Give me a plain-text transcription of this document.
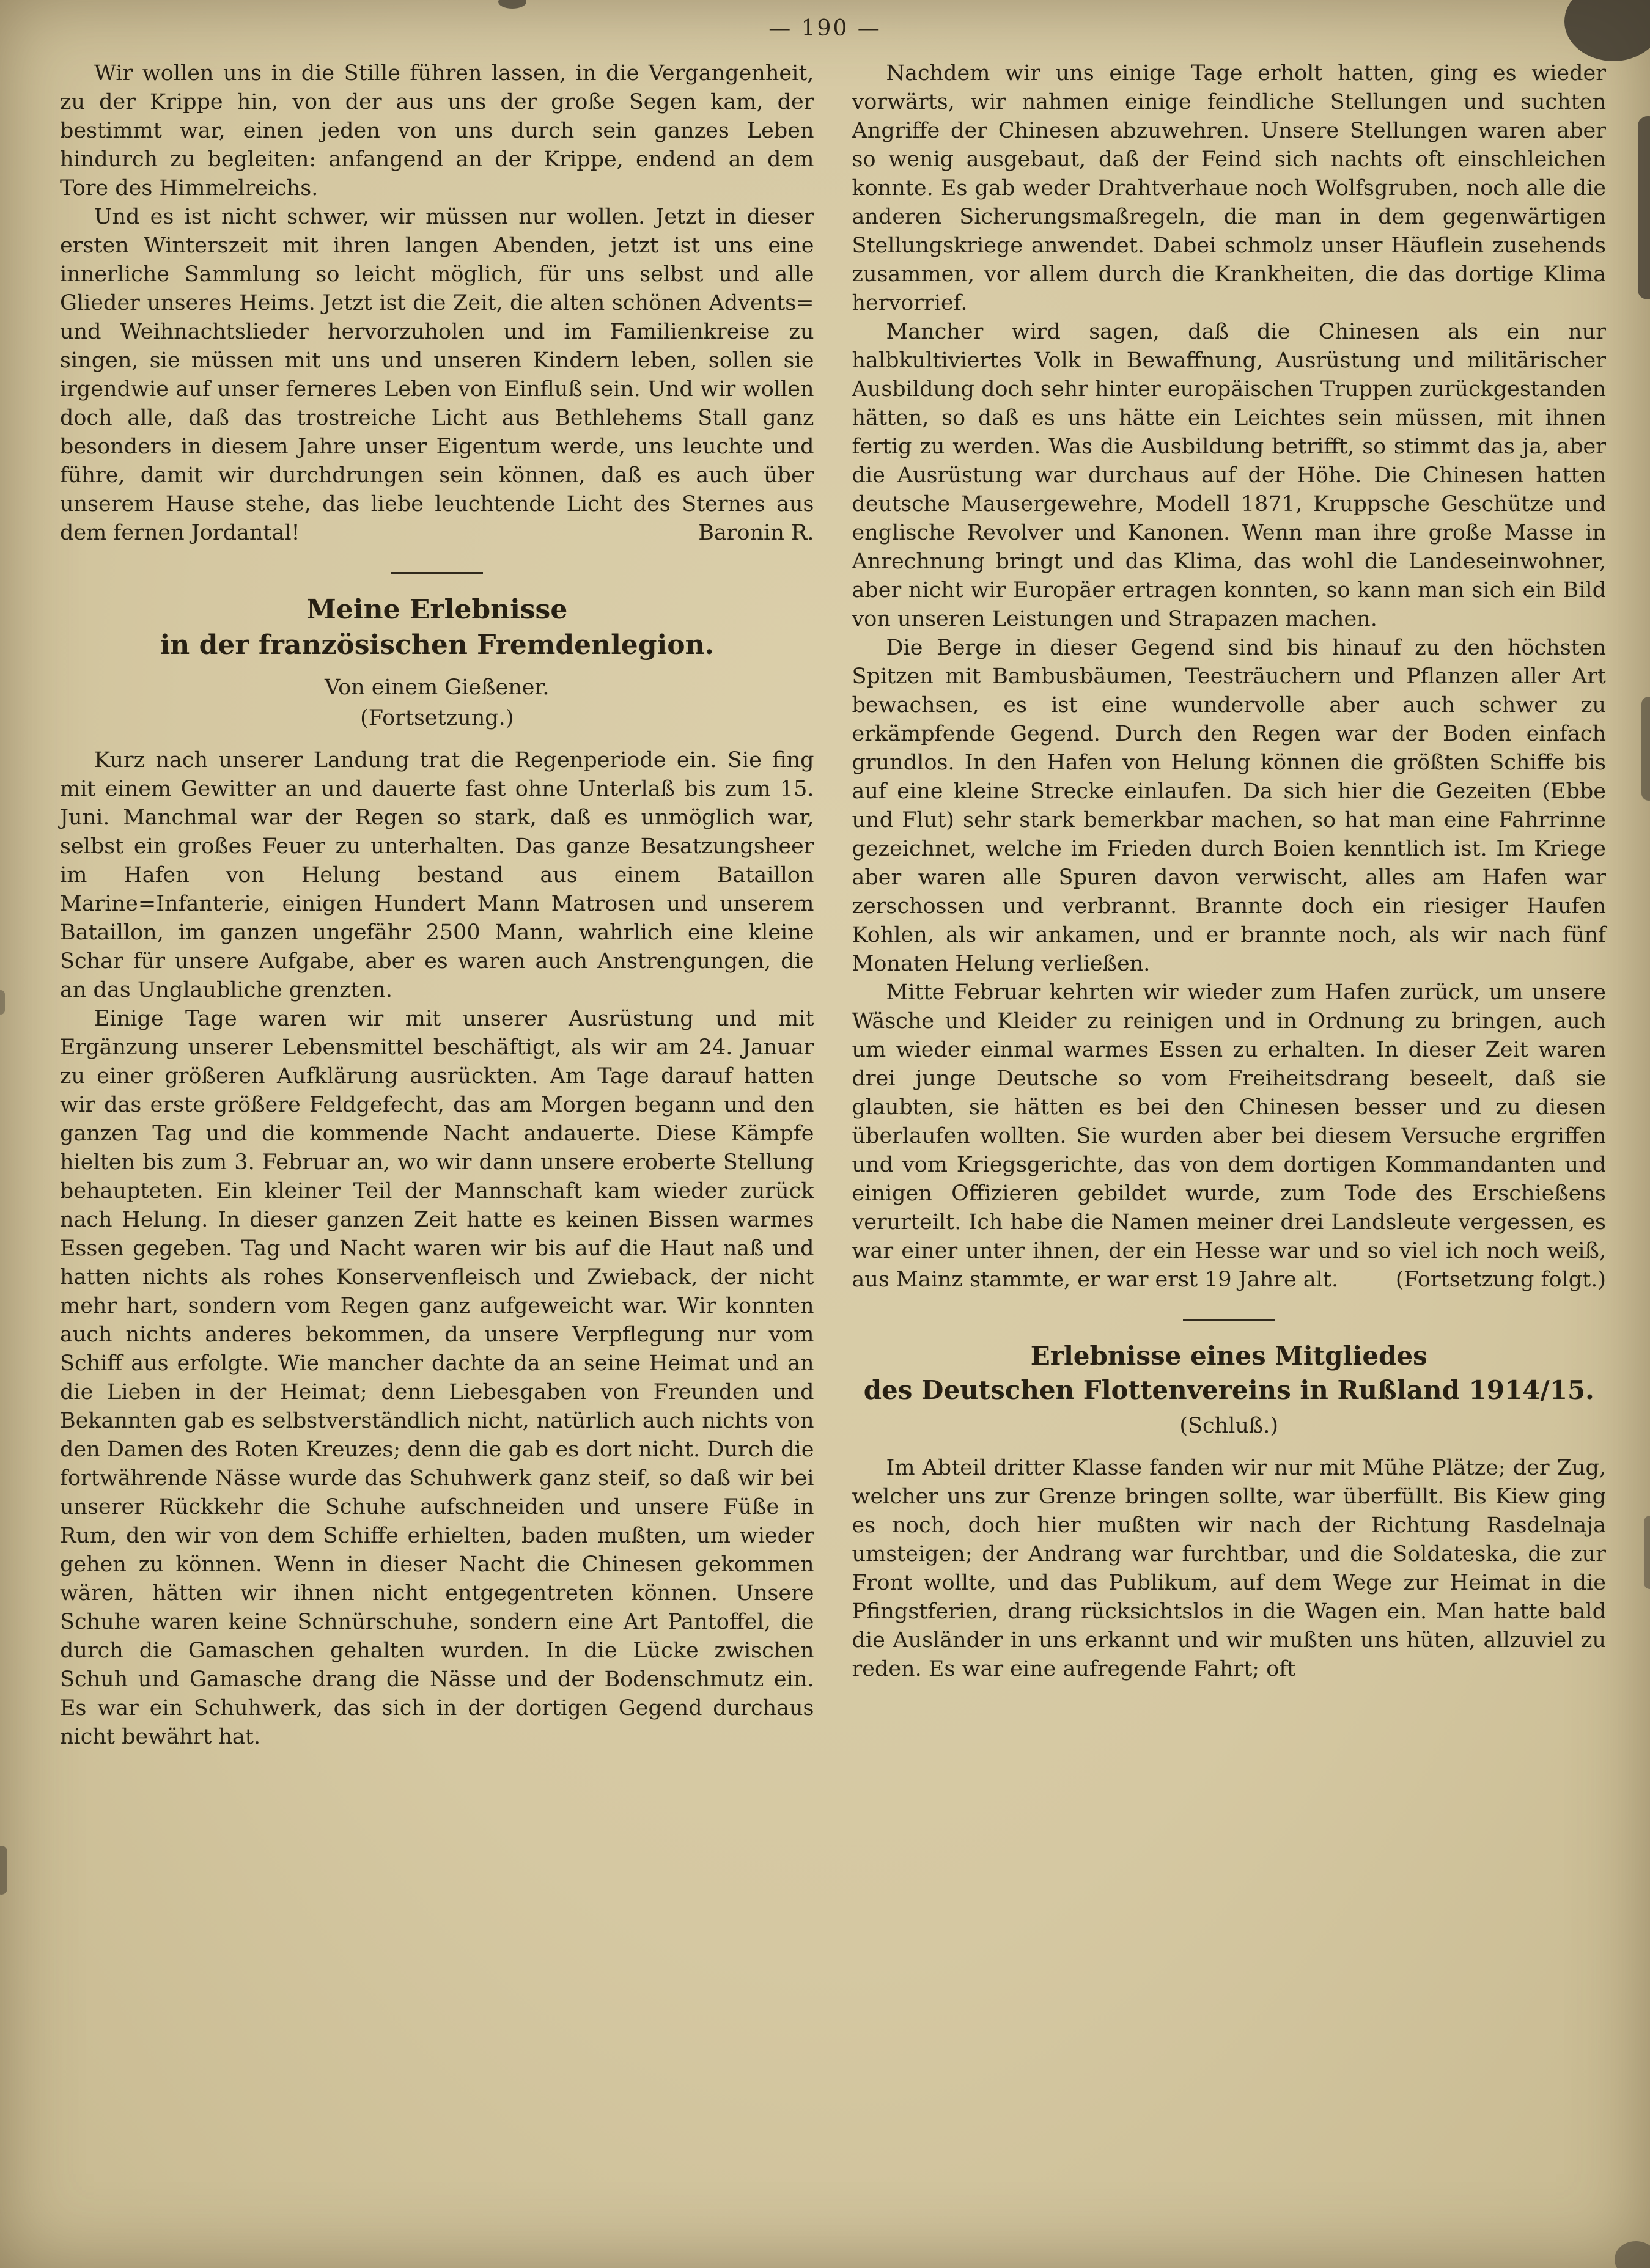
— 190 —

Wir wollen uns in die Stille führen lassen, in die Vergangenheit, zu der Krippe hin, von der aus uns der große Segen kam, der bestimmt war, einen jeden von uns durch sein ganzes Leben hindurch zu begleiten: anfangend an der Krippe, endend an dem Tore des Himmelreichs.

Und es ist nicht schwer, wir müssen nur wollen. Jetzt in dieser ersten Winterszeit mit ihren langen Abenden, jetzt ist uns eine innerliche Sammlung so leicht möglich, für uns selbst und alle Glieder unseres Heims. Jetzt ist die Zeit, die alten schönen Advents= und Weihnachtslieder hervorzuholen und im Familienkreise zu singen, sie müssen mit uns und unseren Kindern leben, sollen sie irgendwie auf unser ferneres Leben von Einfluß sein. Und wir wollen doch alle, daß das trostreiche Licht aus Bethlehems Stall ganz besonders in diesem Jahre unser Eigentum werde, uns leuchte und führe, damit wir durchdrungen sein können, daß es auch über unserem Hause stehe, das liebe leuchtende Licht des Sternes aus dem fernen Jordantal!	Baronin R.

Meine Erlebnisse
in der französischen Fremdenlegion.
Von einem Gießener.
(Fortsetzung.)

Kurz nach unserer Landung trat die Regenperiode ein. Sie fing mit einem Gewitter an und dauerte fast ohne Unterlaß bis zum 15. Juni. Manchmal war der Regen so stark, daß es unmöglich war, selbst ein großes Feuer zu unterhalten. Das ganze Besatzungsheer im Hafen von Helung bestand aus einem Bataillon Marine=Infanterie, einigen Hundert Mann Matrosen und unserem Bataillon, im ganzen ungefähr 2500 Mann, wahrlich eine kleine Schar für unsere Aufgabe, aber es waren auch Anstrengungen, die an das Unglaubliche grenzten.

Einige Tage waren wir mit unserer Ausrüstung und mit Ergänzung unserer Lebensmittel beschäftigt, als wir am 24. Januar zu einer größeren Aufklärung ausrückten. Am Tage darauf hatten wir das erste größere Feldgefecht, das am Morgen begann und den ganzen Tag und die kommende Nacht andauerte. Diese Kämpfe hielten bis zum 3. Februar an, wo wir dann unsere eroberte Stellung behaupteten. Ein kleiner Teil der Mannschaft kam wieder zurück nach Helung. In dieser ganzen Zeit hatte es keinen Bissen warmes Essen gegeben. Tag und Nacht waren wir bis auf die Haut naß und hatten nichts als rohes Konservenfleisch und Zwieback, der nicht mehr hart, sondern vom Regen ganz aufgeweicht war. Wir konnten auch nichts anderes bekommen, da unsere Verpflegung nur vom Schiff aus erfolgte. Wie mancher dachte da an seine Heimat und an die Lieben in der Heimat; denn Liebesgaben von Freunden und Bekannten gab es selbstverständlich nicht, natürlich auch nichts von den Damen des Roten Kreuzes; denn die gab es dort nicht. Durch die fortwährende Nässe wurde das Schuhwerk ganz steif, so daß wir bei unserer Rückkehr die Schuhe aufschneiden und unsere Füße in Rum, den wir von dem Schiffe erhielten, baden mußten, um wieder gehen zu können. Wenn in dieser Nacht die Chinesen gekommen wären, hätten wir ihnen nicht entgegentreten können. Unsere Schuhe waren keine Schnürschuhe, sondern eine Art Pantoffel, die durch die Gamaschen gehalten wurden. In die Lücke zwischen Schuh und Gamasche drang die Nässe und der Bodenschmutz ein. Es war ein Schuhwerk, das sich in der dortigen Gegend durchaus nicht bewährt hat.

Nachdem wir uns einige Tage erholt hatten, ging es wieder vorwärts, wir nahmen einige feindliche Stellungen und suchten Angriffe der Chinesen abzuwehren. Unsere Stellungen waren aber so wenig ausgebaut, daß der Feind sich nachts oft einschleichen konnte. Es gab weder Drahtverhaue noch Wolfsgruben, noch alle die anderen Sicherungsmaßregeln, die man in dem gegenwärtigen Stellungskriege anwendet. Dabei schmolz unser Häuflein zusehends zusammen, vor allem durch die Krankheiten, die das dortige Klima hervorrief.

Mancher wird sagen, daß die Chinesen als ein nur halbkultiviertes Volk in Bewaffnung, Ausrüstung und militärischer Ausbildung doch sehr hinter europäischen Truppen zurückgestanden hätten, so daß es uns hätte ein Leichtes sein müssen, mit ihnen fertig zu werden. Was die Ausbildung betrifft, so stimmt das ja, aber die Ausrüstung war durchaus auf der Höhe. Die Chinesen hatten deutsche Mausergewehre, Modell 1871, Kruppsche Geschütze und englische Revolver und Kanonen. Wenn man ihre große Masse in Anrechnung bringt und das Klima, das wohl die Landeseinwohner, aber nicht wir Europäer ertragen konnten, so kann man sich ein Bild von unseren Leistungen und Strapazen machen.

Die Berge in dieser Gegend sind bis hinauf zu den höchsten Spitzen mit Bambusbäumen, Teesträuchern und Pflanzen aller Art bewachsen, es ist eine wundervolle aber auch schwer zu erkämpfende Gegend. Durch den Regen war der Boden einfach grundlos. In den Hafen von Helung können die größten Schiffe bis auf eine kleine Strecke einlaufen. Da sich hier die Gezeiten (Ebbe und Flut) sehr stark bemerkbar machen, so hat man eine Fahrrinne gezeichnet, welche im Frieden durch Boien kenntlich ist. Im Kriege aber waren alle Spuren davon verwischt, alles am Hafen war zerschossen und verbrannt. Brannte doch ein riesiger Haufen Kohlen, als wir ankamen, und er brannte noch, als wir nach fünf Monaten Helung verließen.

Mitte Februar kehrten wir wieder zum Hafen zurück, um unsere Wäsche und Kleider zu reinigen und in Ordnung zu bringen, auch um wieder einmal warmes Essen zu erhalten. In dieser Zeit waren drei junge Deutsche so vom Freiheitsdrang beseelt, daß sie glaubten, sie hätten es bei den Chinesen besser und zu diesen überlaufen wollten. Sie wurden aber bei diesem Versuche ergriffen und vom Kriegsgerichte, das von dem dortigen Kommandanten und einigen Offizieren gebildet wurde, zum Tode des Erschießens verurteilt. Ich habe die Namen meiner drei Landsleute vergessen, es war einer unter ihnen, der ein Hesse war und so viel ich noch weiß, aus Mainz stammte, er war erst 19 Jahre alt.	(Fortsetzung folgt.)

Erlebnisse eines Mitgliedes
des Deutschen Flottenvereins in Rußland 1914/15.
(Schluß.)

Im Abteil dritter Klasse fanden wir nur mit Mühe Plätze; der Zug, welcher uns zur Grenze bringen sollte, war überfüllt. Bis Kiew ging es noch, doch hier mußten wir nach der Richtung Rasdelnaja umsteigen; der Andrang war furchtbar, und die Soldateska, die zur Front wollte, und das Publikum, auf dem Wege zur Heimat in die Pfingstferien, drang rücksichtslos in die Wagen ein. Man hatte bald die Ausländer in uns erkannt und wir mußten uns hüten, allzuviel zu reden. Es war eine aufregende Fahrt; oft
